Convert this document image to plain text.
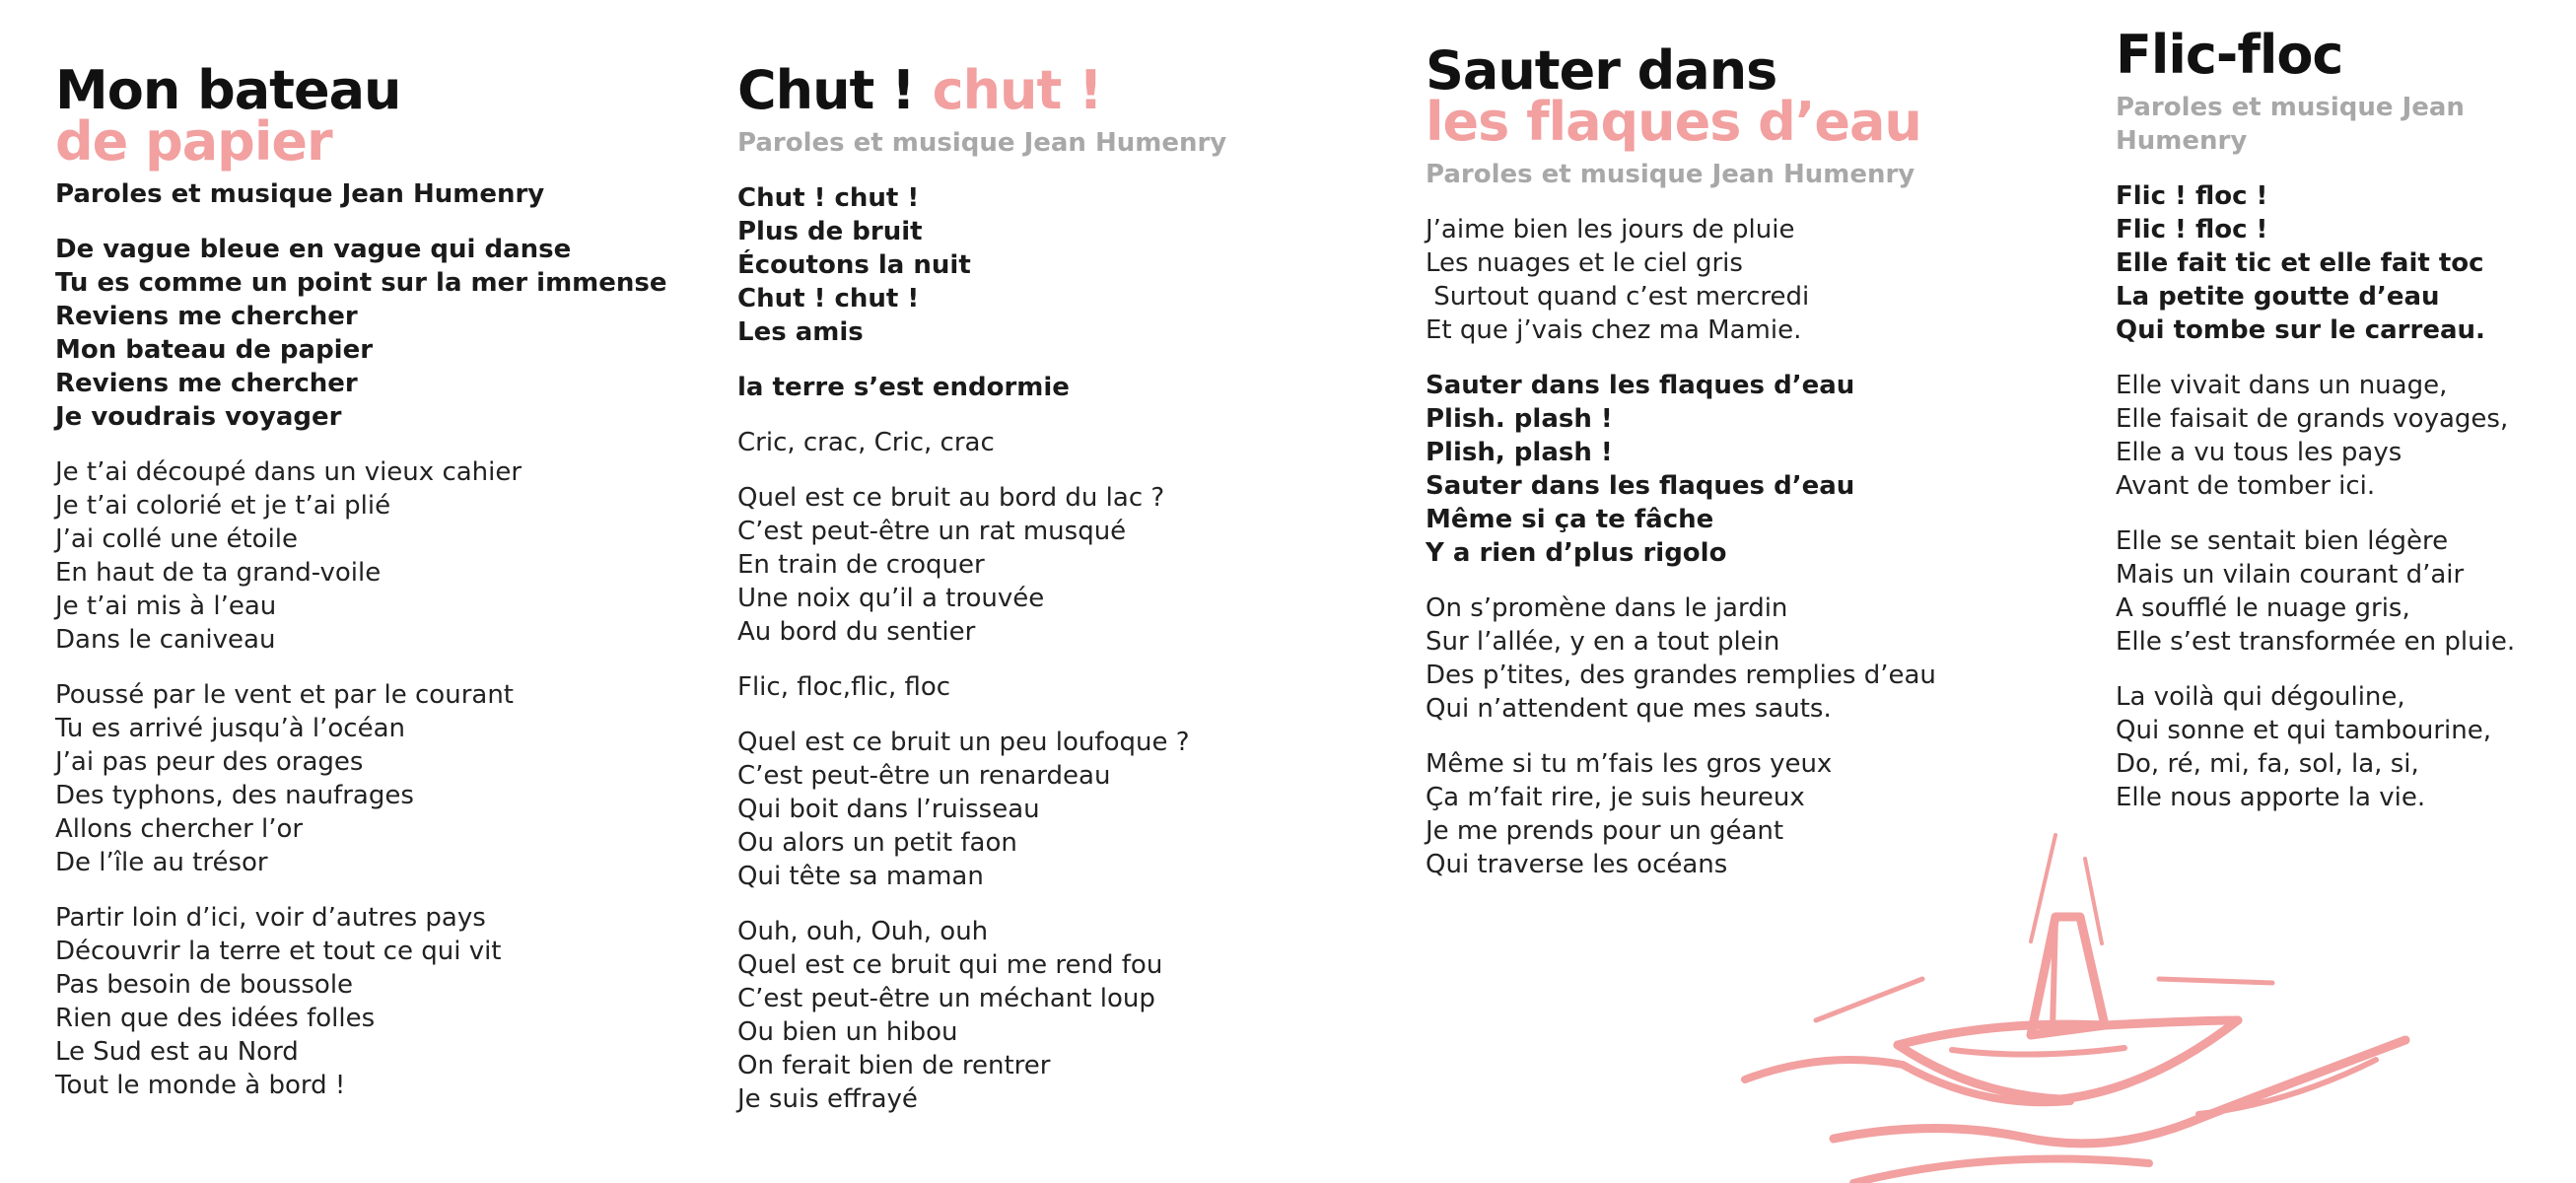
Mon bateau
de papier
Paroles et musique Jean Humenry
De vague bleue en vague qui danse
Tu es comme un point sur la mer immense
Reviens me chercher
Mon bateau de papier
Reviens me chercher
Je voudrais voyager
Je t’ai découpé dans un vieux cahier
Je t’ai colorié et je t’ai plié
J’ai collé une étoile
En haut de ta grand-voile
Je t’ai mis à l’eau
Dans le caniveau
Poussé par le vent et par le courant
Tu es arrivé jusqu’à l’océan
J’ai pas peur des orages
Des typhons, des naufrages
Allons chercher l’or
De l’île au trésor
Partir loin d’ici, voir d’autres pays
Découvrir la terre et tout ce qui vit
Pas besoin de boussole
Rien que des idées folles
Le Sud est au Nord
Tout le monde à bord !
Chut ! chut !
Paroles et musique Jean Humenry
Chut ! chut !
Plus de bruit
Écoutons la nuit
Chut ! chut !
Les amis
la terre s’est endormie
Cric, crac, Cric, crac
Quel est ce bruit au bord du lac ?
C’est peut-être un rat musqué
En train de croquer
Une noix qu’il a trouvée
Au bord du sentier
Flic, floc,flic, floc
Quel est ce bruit un peu loufoque ?
C’est peut-être un renardeau
Qui boit dans l’ruisseau
Ou alors un petit faon
Qui tête sa maman
Ouh, ouh, Ouh, ouh
Quel est ce bruit qui me rend fou
C’est peut-être un méchant loup
Ou bien un hibou
On ferait bien de rentrer
Je suis effrayé
Sauter dans
les flaques d’eau
Paroles et musique Jean Humenry
J’aime bien les jours de pluie
Les nuages et le ciel gris
Surtout quand c’est mercredi
Et que j’vais chez ma Mamie.
Sauter dans les flaques d’eau
Plish. plash !
Plish, plash !
Sauter dans les flaques d’eau
Même si ça te fâche
Y a rien d’plus rigolo
On s’promène dans le jardin
Sur l’allée, y en a tout plein
Des p’tites, des grandes remplies d’eau
Qui n’attendent que mes sauts.
Même si tu m’fais les gros yeux
Ça m’fait rire, je suis heureux
Je me prends pour un géant
Qui traverse les océans
Flic-floc
Paroles et musique Jean Humenry
Flic ! floc !
Flic ! floc !
Elle fait tic et elle fait toc
La petite goutte d’eau
Qui tombe sur le carreau.
Elle vivait dans un nuage,
Elle faisait de grands voyages,
Elle a vu tous les pays
Avant de tomber ici.
Elle se sentait bien légère
Mais un vilain courant d’air
A soufflé le nuage gris,
Elle s’est transformée en pluie.
La voilà qui dégouline,
Qui sonne et qui tambourine,
Do, ré, mi, fa, sol, la, si,
Elle nous apporte la vie.
